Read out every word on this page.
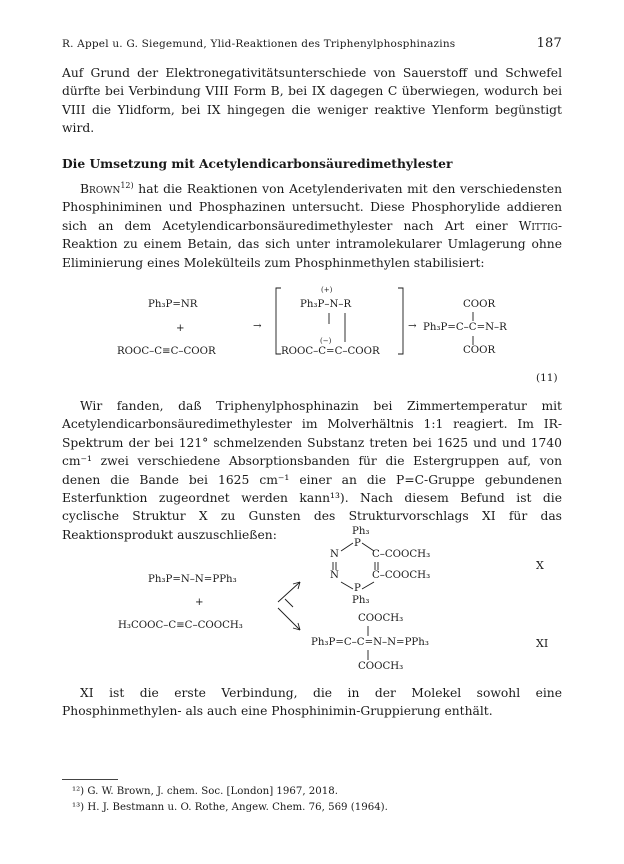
R. Appel u. G. Siegemund, Ylid-Reaktionen des Triphenylphosphinazins	187

Auf Grund der Elektronegativitätsunterschiede von Sauerstoff und Schwefel dürfte bei Verbindung VIII Form B, bei IX dagegen C überwiegen, wodurch bei VIII die Ylidform, bei IX hingegen die weniger reaktive Ylenform begünstigt wird.

Die Umsetzung mit Acetylendicarbonsäuredimethylester

Brown$^{12)}$ hat die Reaktionen von Acetylenderivaten mit den verschiedensten Phosphiniminen und Phosphazinen untersucht. Diese Phosphorylide addieren sich an dem Acetylendicarbonsäuredimethylester nach Art einer Wittig-Reaktion zu einem Betain, das sich unter intramolekularer Umlagerung ohne Eliminierung eines Molekülteils zum Phosphinmethylen stabilisiert:

Ph₃P=NR
+
ROOC–C≡C–COOR
→
(+)
Ph₃P–N–R
(−)
ROOC–C=C–COOR
→
COOR
Ph₃P=C–C=N–R
COOR
(11)

Wir fanden, daß Triphenylphosphinazin bei Zimmertemperatur mit Acetylendicarbonsäuredimethylester im Molverhältnis 1:1 reagiert. Im IR-Spektrum der bei 121° schmelzenden Substanz treten bei 1625 und und 1740 cm⁻¹ zwei verschiedene Absorptionsbanden für die Estergruppen auf, von denen die Bande bei 1625 cm⁻¹ einer an die P=C-Gruppe gebundenen Esterfunktion zugeordnet werden kann¹³). Nach diesem Befund ist die cyclische Struktur X zu Gunsten des Strukturvorschlags XI für das Reaktionsprodukt auszuschließen:	Ph₃
P
N	C–COOCH₃
N	C–COOCH₃
P
Ph₃
X
Ph₃P=N–N=PPh₃
+
H₃COOC–C≡C–COOCH₃
COOCH₃
Ph₃P=C–C=N–N=PPh₃
COOCH₃
XI

XI ist die erste Verbindung, die in der Molekel sowohl eine Phosphinmethylen- als auch eine Phosphinimin-Gruppierung enthält.

¹²) G. W. Brown, J. chem. Soc. [London] 1967, 2018.
¹³) H. J. Bestmann u. O. Rothe, Angew. Chem. 76, 569 (1964).
